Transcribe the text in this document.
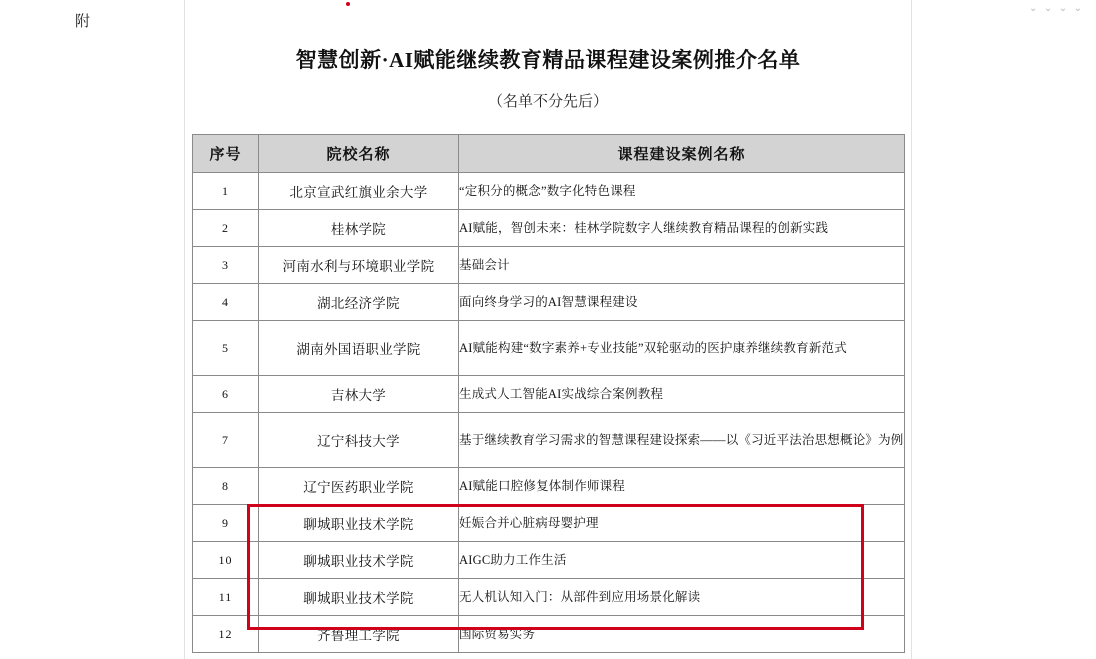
附
⌄ ⌄ ⌄ ⌄
智慧创新·AI赋能继续教育精品课程建设案例推介名单
（名单不分先后）
序号	院校名称	课程建设案例名称
1	北京宣武红旗业余大学	“定积分的概念”数字化特色课程
2	桂林学院	AI赋能，智创未来：桂林学院数字人继续教育精品课程的创新实践
3	河南水利与环境职业学院	基础会计
4	湖北经济学院	面向终身学习的AI智慧课程建设
5	湖南外国语职业学院	AI赋能构建“数字素养+专业技能”双轮驱动的医护康养继续教育新范式
6	吉林大学	生成式人工智能AI实战综合案例教程
7	辽宁科技大学	基于继续教育学习需求的智慧课程建设探索——以《习近平法治思想概论》为例
8	辽宁医药职业学院	AI赋能口腔修复体制作师课程
9	聊城职业技术学院	妊娠合并心脏病母婴护理
10	聊城职业技术学院	AIGC助力工作生活
11	聊城职业技术学院	无人机认知入门：从部件到应用场景化解读
12	齐鲁理工学院	国际贸易实务
